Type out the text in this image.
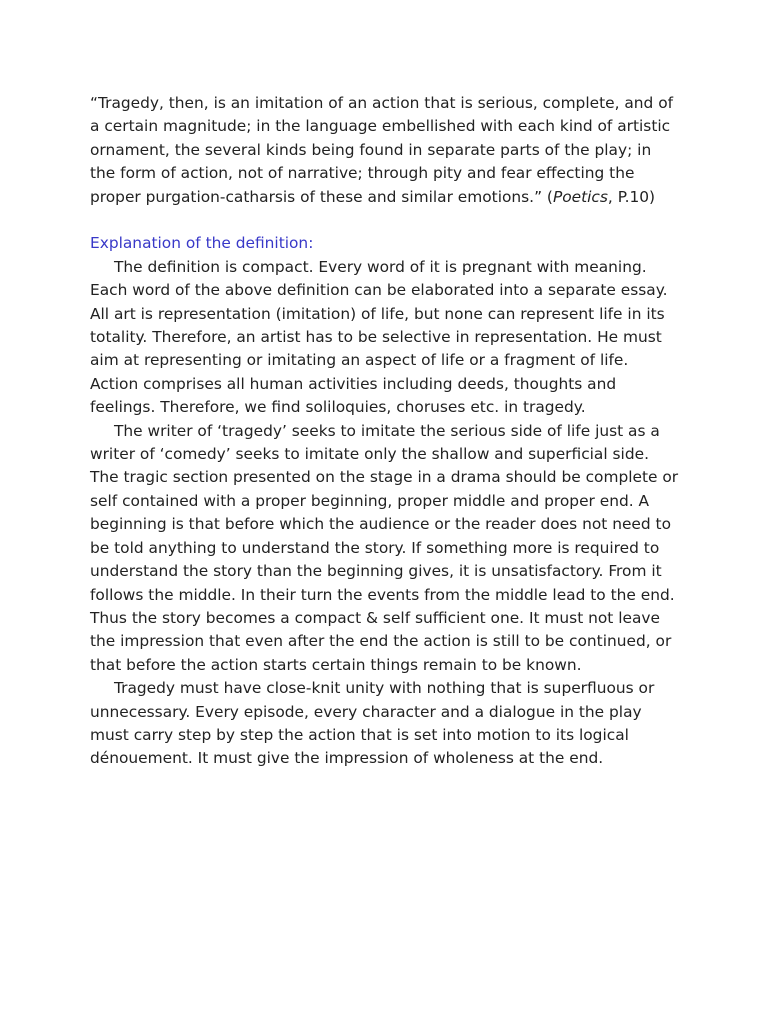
“Tragedy, then, is an imitation of an action that is serious, complete, and of a certain magnitude; in the language embellished with each kind of artistic ornament, the several kinds being found in separate parts of the play; in the form of action, not of narrative; through pity and fear effecting the proper purgation-catharsis of these and similar emotions.” (Poetics, P.10)

Explanation of the definition:

The definition is compact. Every word of it is pregnant with meaning. Each word of the above definition can be elaborated into a separate essay.

All art is representation (imitation) of life, but none can represent life in its totality. Therefore, an artist has to be selective in representation. He must aim at representing or imitating an aspect of life or a fragment of life.

Action comprises all human activities including deeds, thoughts and feelings. Therefore, we find soliloquies, choruses etc. in tragedy.

The writer of ‘tragedy’ seeks to imitate the serious side of life just as a writer of ‘comedy’ seeks to imitate only the shallow and superficial side. The tragic section presented on the stage in a drama should be complete or self contained with a proper beginning, proper middle and proper end. A beginning is that before which the audience or the reader does not need to be told anything to understand the story. If something more is required to understand the story than the beginning gives, it is unsatisfactory. From it follows the middle. In their turn the events from the middle lead to the end. Thus the story becomes a compact & self sufficient one. It must not leave the impression that even after the end the action is still to be continued, or that before the action starts certain things remain to be known.

Tragedy must have close-knit unity with nothing that is superfluous or unnecessary. Every episode, every character and a dialogue in the play must carry step by step the action that is set into motion to its logical dénouement. It must give the impression of wholeness at the end.
